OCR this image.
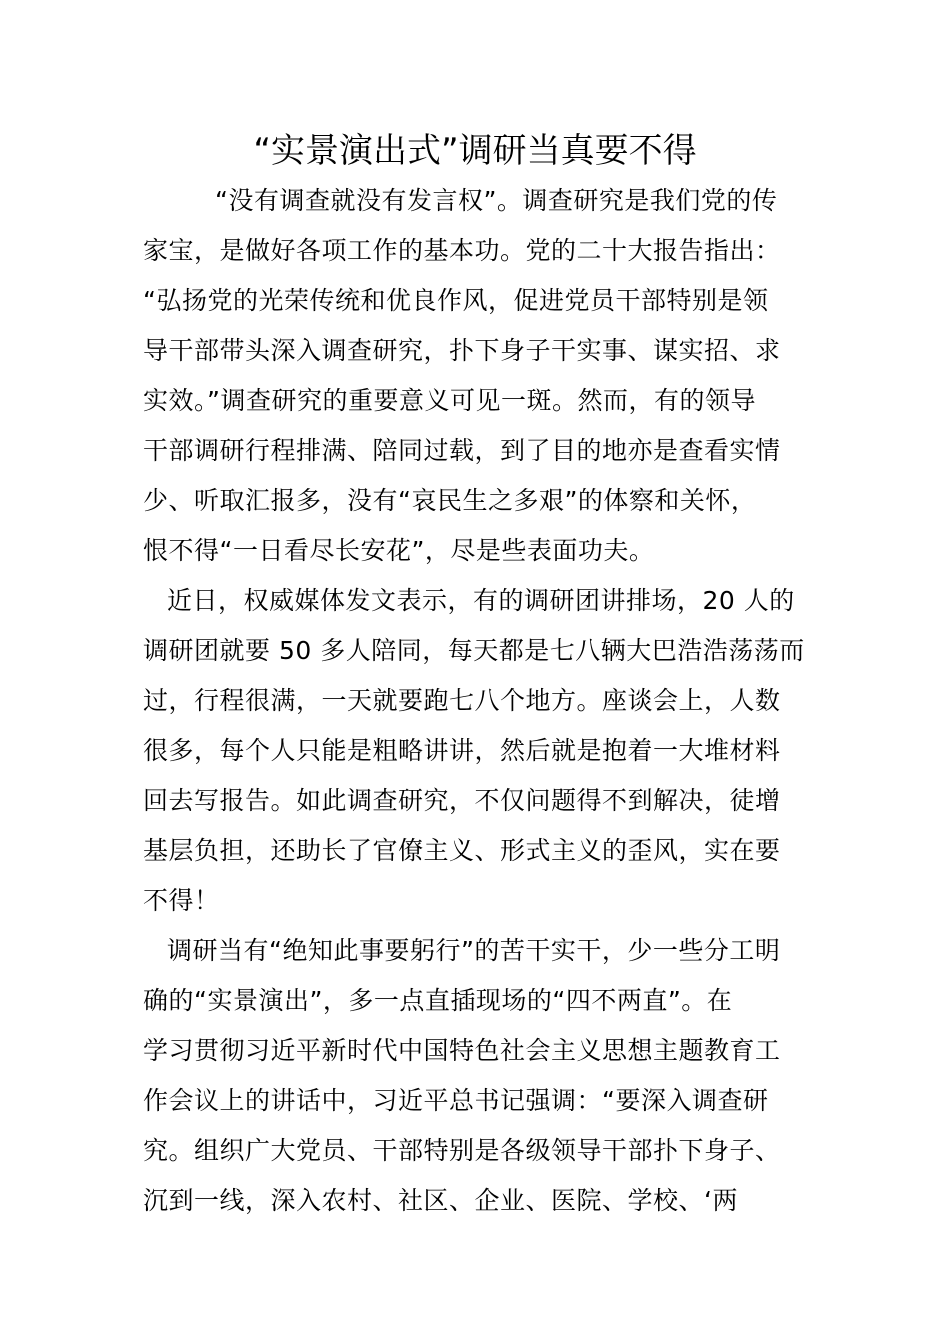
“实景演出式”调研当真要不得
“没有调查就没有发言权”。调查研究是我们党的传
家宝，是做好各项工作的基本功。党的二十大报告指出：
“弘扬党的光荣传统和优良作风，促进党员干部特别是领
导干部带头深入调查研究，扑下身子干实事、谋实招、求
实效。”调查研究的重要意义可见一斑。然而，有的领导
干部调研行程排满、陪同过载，到了目的地亦是查看实情
少、听取汇报多，没有“哀民生之多艰”的体察和关怀，
恨不得“一日看尽长安花”，尽是些表面功夫。
近日，权威媒体发文表示，有的调研团讲排场，20 人的
调研团就要 50 多人陪同，每天都是七八辆大巴浩浩荡荡而
过，行程很满，一天就要跑七八个地方。座谈会上，人数
很多，每个人只能是粗略讲讲，然后就是抱着一大堆材料
回去写报告。如此调查研究，不仅问题得不到解决，徒增
基层负担，还助长了官僚主义、形式主义的歪风，实在要
不得！
调研当有“绝知此事要躬行”的苦干实干，少一些分工明
确的“实景演出”，多一点直插现场的“四不两直”。在
学习贯彻习近平新时代中国特色社会主义思想主题教育工
作会议上的讲话中，习近平总书记强调：“要深入调查研
究。组织广大党员、干部特别是各级领导干部扑下身子、
沉到一线，深入农村、社区、企业、医院、学校、‘两
